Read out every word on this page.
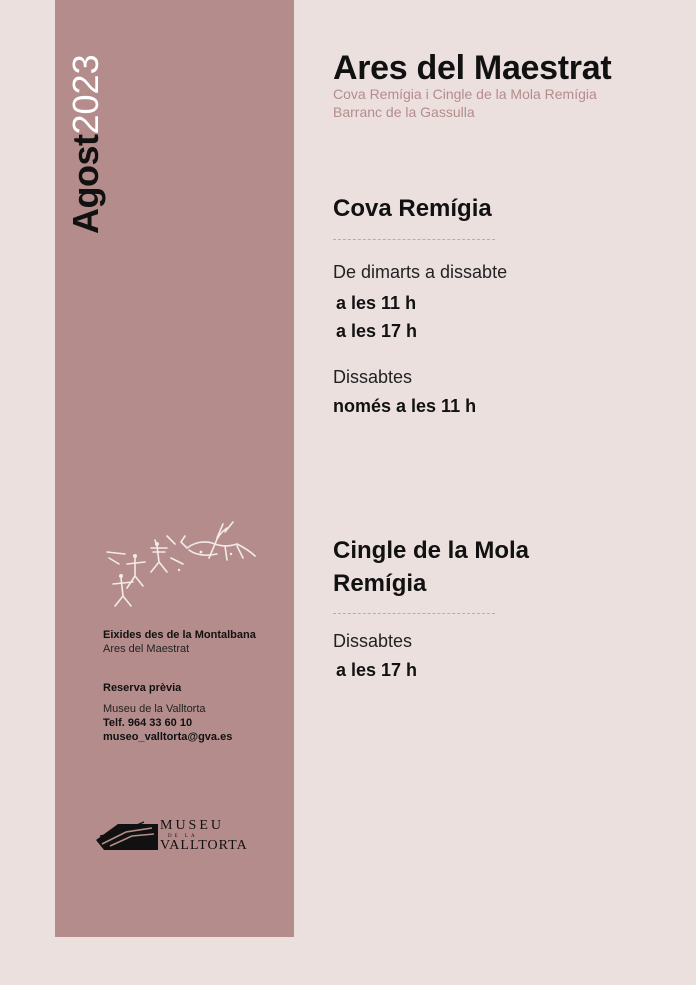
Agost2023
Eixides des de la Montalbana
Ares del Maestrat
Reserva prèvia
Museu de la Valltorta
Telf. 964 33 60 10
museo_valltorta@gva.es
MUSEU
DE LA
VALLTORTA
Ares del Maestrat
Cova Remígia i Cingle de la Mola Remígia
Barranc de la Gassulla
Cova Remígia
De dimarts a dissabte
a les 11 h
a les 17 h
Dissabtes
només a les 11 h
Cingle de la Mola
Remígia
Dissabtes
a les 17 h
